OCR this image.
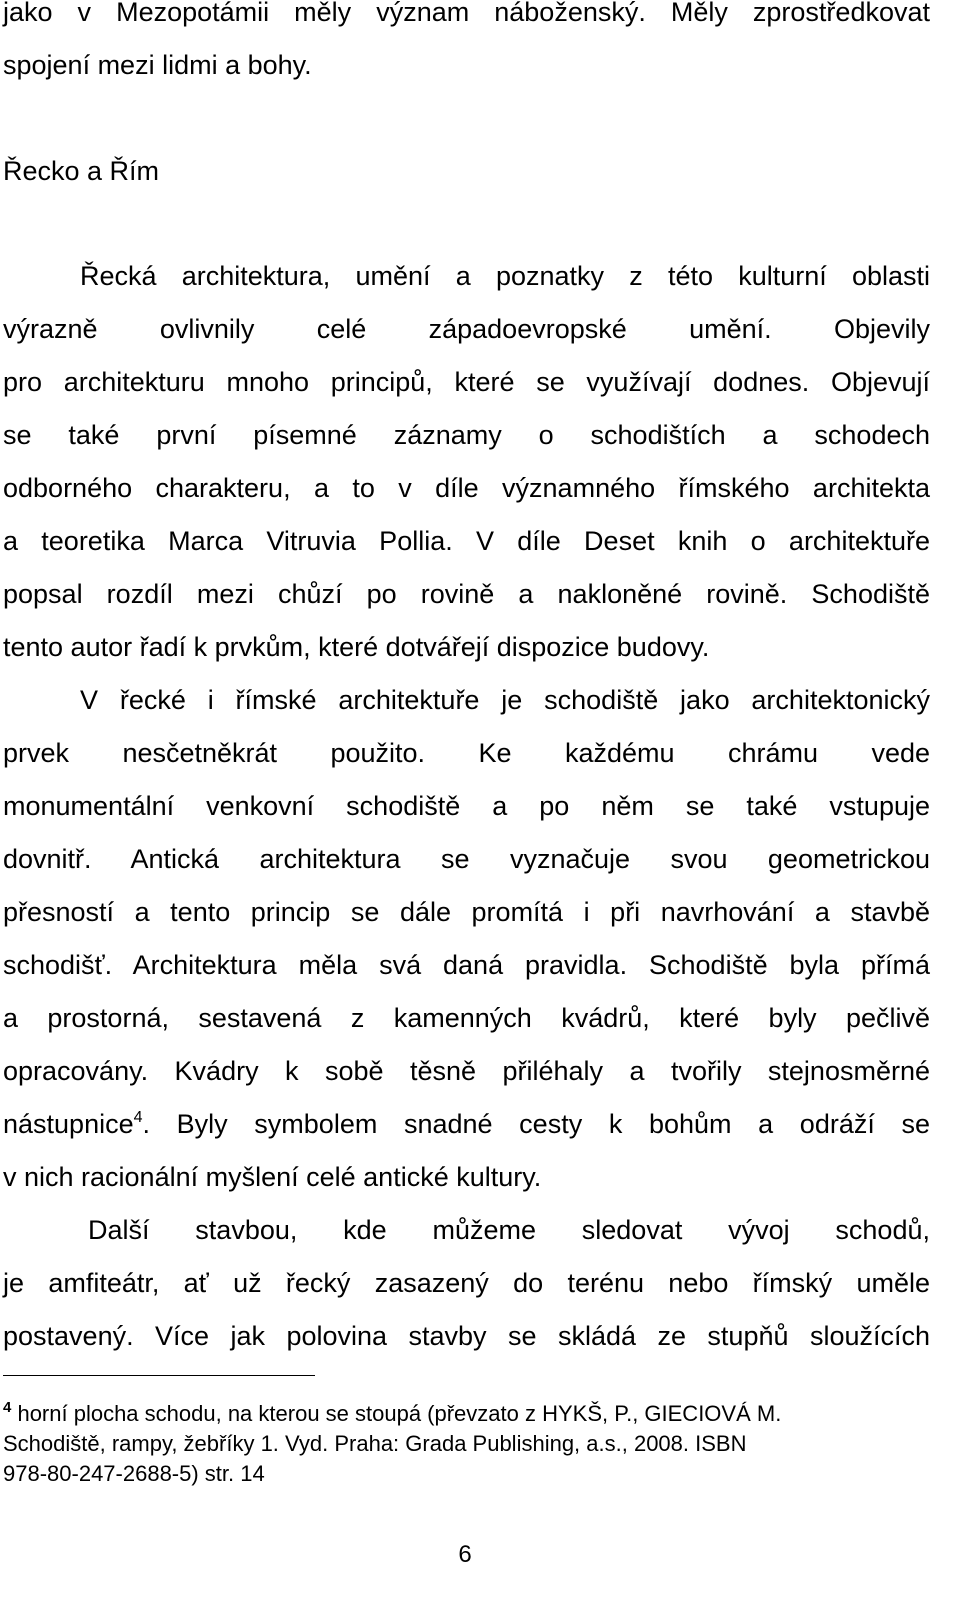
jako v Mezopotámii měly význam náboženský. Měly zprostředkovat
spojení mezi lidmi a bohy.
Řecko a Řím
Řecká architektura, umění a poznatky z této kulturní oblasti
výrazně ovlivnily celé západoevropské umění. Objevily
pro architekturu mnoho principů, které se využívají dodnes. Objevují
se také první písemné záznamy o schodištích a schodech
odborného charakteru, a to v díle významného římského architekta
a teoretika Marca Vitruvia Pollia. V díle Deset knih o architektuře
popsal rozdíl mezi chůzí po rovině a nakloněné rovině. Schodiště
tento autor řadí k prvkům, které dotvářejí dispozice budovy.
V řecké i římské architektuře je schodiště jako architektonický
prvek nesčetněkrát použito. Ke každému chrámu vede
monumentální venkovní schodiště a po něm se také vstupuje
dovnitř. Antická architektura se vyznačuje svou geometrickou
přesností a tento princip se dále promítá i při navrhování a stavbě
schodišť. Architektura měla svá daná pravidla. Schodiště byla přímá
a prostorná, sestavená z kamenných kvádrů, které byly pečlivě
opracovány. Kvádry k sobě těsně přiléhaly a tvořily stejnosměrné
nástupnice$^4$. Byly symbolem snadné cesty k bohům a odráží se
v nich racionální myšlení celé antické kultury.
Další stavbou, kde můžeme sledovat vývoj schodů,
je amfiteátr, ať už řecký zasazený do terénu nebo římský uměle
postavený. Více jak polovina stavby se skládá ze stupňů sloužících
$^4$ horní plocha schodu, na kterou se stoupá (převzato z HYKŠ, P., GIECIOVÁ M.
Schodiště, rampy, žebříky 1. Vyd. Praha: Grada Publishing, a.s., 2008. ISBN
978-80-247-2688-5) str. 14
6
